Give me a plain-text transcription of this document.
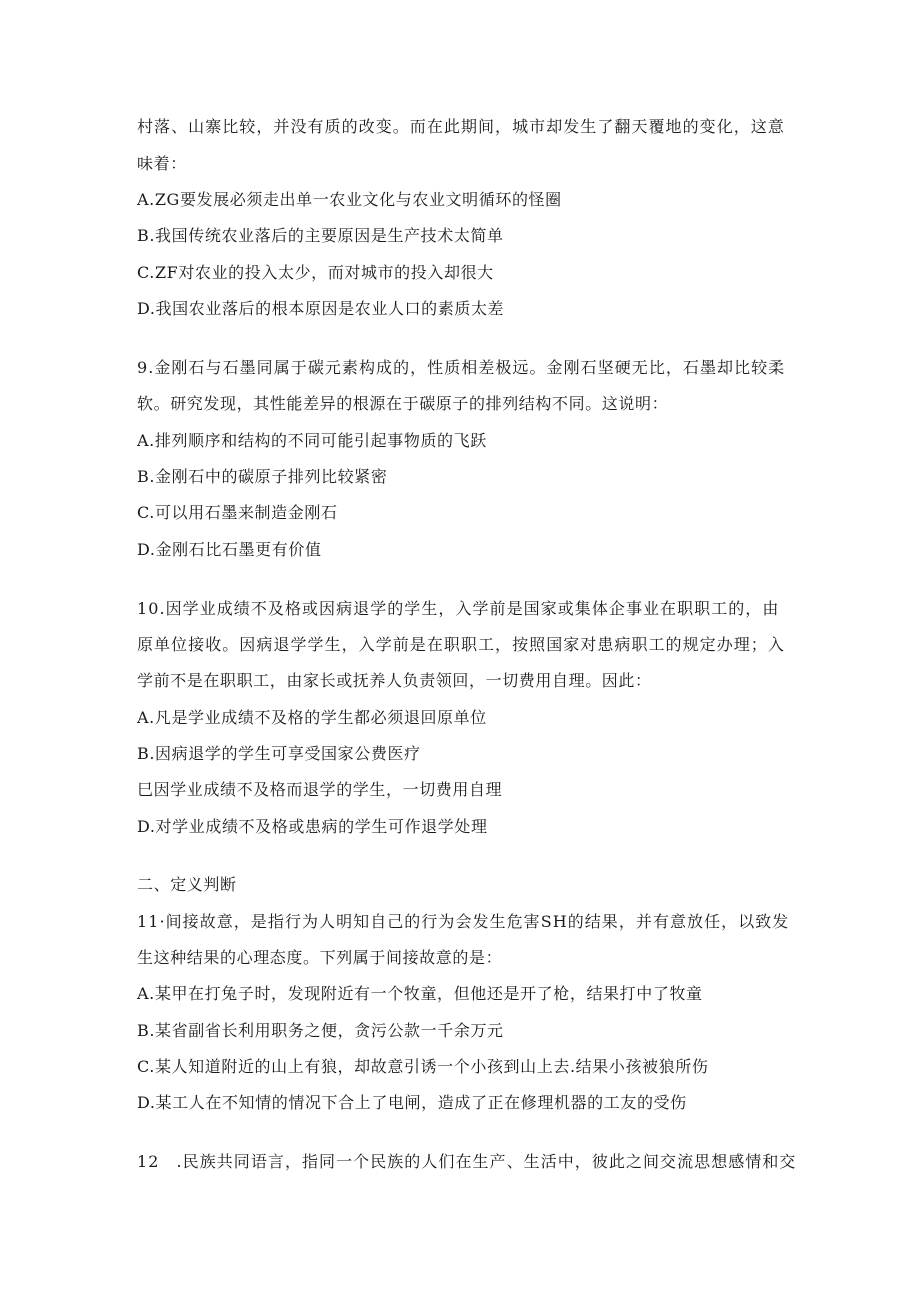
村落、山寨比较，并没有质的改变。而在此期间，城市却发生了翻天覆地的变化，这意
味着：
A.ZG要发展必须走出单一农业文化与农业文明循环的怪圈
B.我国传统农业落后的主要原因是生产技术太简单
C.ZF对农业的投入太少，而对城市的投入却很大
D.我国农业落后的根本原因是农业人口的素质太差
9.金刚石与石墨同属于碳元素构成的，性质相差极远。金刚石坚硬无比，石墨却比较柔
软。研究发现，其性能差异的根源在于碳原子的排列结构不同。这说明：
A.排列顺序和结构的不同可能引起事物质的飞跃
B.金刚石中的碳原子排列比较紧密
C.可以用石墨来制造金刚石
D.金刚石比石墨更有价值
10.因学业成绩不及格或因病退学的学生，入学前是国家或集体企事业在职职工的，由
原单位接收。因病退学学生，入学前是在职职工，按照国家对患病职工的规定办理；入
学前不是在职职工，由家长或抚养人负责领回，一切费用自理。因此：
A.凡是学业成绩不及格的学生都必须退回原单位
B.因病退学的学生可享受国家公费医疗
巳因学业成绩不及格而退学的学生，一切费用自理
D.对学业成绩不及格或患病的学生可作退学处理
二、定义判断
11·间接故意，是指行为人明知自己的行为会发生危害SH的结果，并有意放任，以致发
生这种结果的心理态度。下列属于间接故意的是：
A.某甲在打兔子时，发现附近有一个牧童，但他还是开了枪，结果打中了牧童
B.某省副省长利用职务之便，贪污公款一千余万元
C.某人知道附近的山上有狼，却故意引诱一个小孩到山上去.结果小孩被狼所伤
D.某工人在不知情的情况下合上了电闸，造成了正在修理机器的工友的受伤
12　.民族共同语言，指同一个民族的人们在生产、生活中，彼此之间交流思想感情和交
